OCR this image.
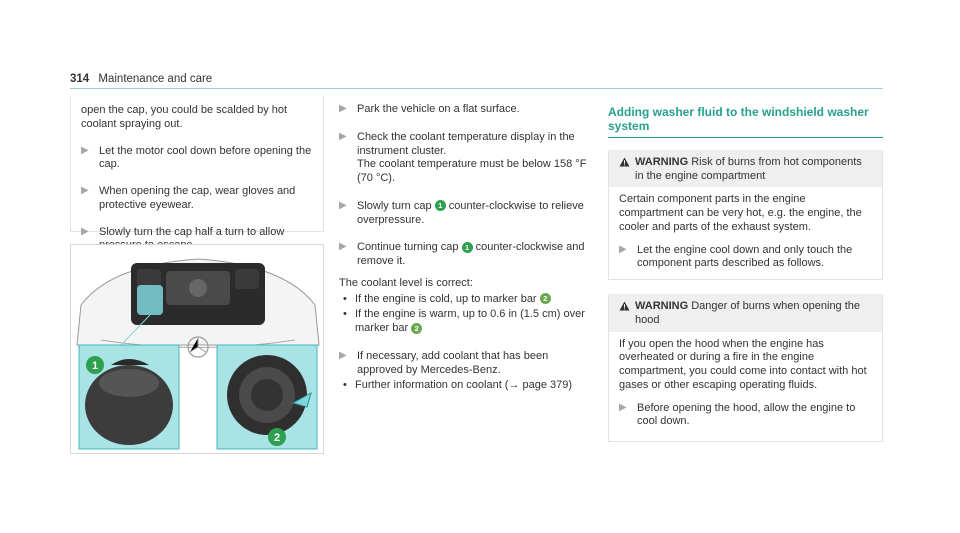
314 Maintenance and care
open the cap, you could be scalded by hot coolant spraying out.
▶ Let the motor cool down before opening the cap.
▶ When opening the cap, wear gloves and protective eyewear.
▶ Slowly turn the cap half a turn to allow
1
2
▶ Park the vehicle on a flat surface.
▶ Check the coolant temperature display in the instrument cluster.
The coolant temperature must be below 158 °F (70 °C).
▶ Slowly turn cap 1 counter-clockwise to relieve overpressure.
▶ Continue turning cap 1 counter-clockwise and remove it.
The coolant level is correct:
• If the engine is cold, up to marker bar 2
• If the engine is warm, up to 0.6 in (1.5 cm) over marker bar 2
▶ If necessary, add coolant that has been approved by Mercedes-Benz.
• Further information on coolant (→ page 379)
Adding washer fluid to the windshield washer system
WARNING Risk of burns from hot components in the engine compartment
Certain component parts in the engine compartment can be very hot, e.g. the engine, the cooler and parts of the exhaust system.
▶ Let the engine cool down and only touch the component parts described as follows.
WARNING Danger of burns when opening the hood
If you open the hood when the engine has overheated or during a fire in the engine compartment, you could come into contact with hot gases or other escaping operating fluids.
▶ Before opening the hood, allow the engine to cool down.
